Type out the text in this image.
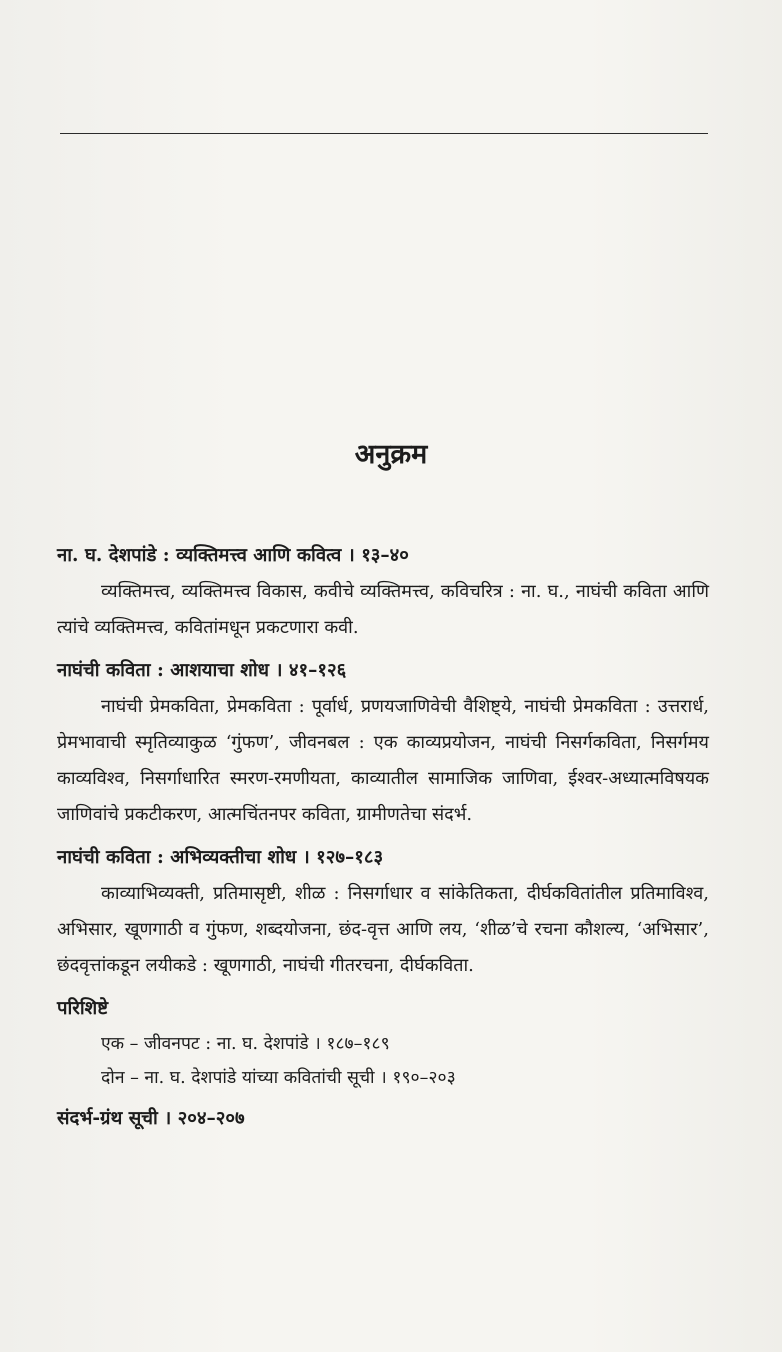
अनुक्रम
ना. घ. देशपांडे : व्यक्तिमत्त्व आणि कवित्व । १३–४०
व्यक्तिमत्त्व, व्यक्तिमत्त्व विकास, कवीचे व्यक्तिमत्त्व, कविचरित्र : ना. घ., नाघंची कविता आणि त्यांचे व्यक्तिमत्त्व, कवितांमधून प्रकटणारा कवी.
नाघंची कविता : आशयाचा शोध । ४१–१२६
नाघंची प्रेमकविता, प्रेमकविता : पूर्वार्ध, प्रणयजाणिवेची वैशिष्ट्ये, नाघंची प्रेमकविता : उत्तरार्ध, प्रेमभावाची स्मृतिव्याकुळ ‘गुंफण’, जीवनबल : एक काव्यप्रयोजन, नाघंची निसर्गकविता, निसर्गमय काव्यविश्व, निसर्गाधारित स्मरण-रमणीयता, काव्यातील सामाजिक जाणिवा, ईश्वर-अध्यात्मविषयक जाणिवांचे प्रकटीकरण, आत्मचिंतनपर कविता, ग्रामीणतेचा संदर्भ.
नाघंची कविता : अभिव्यक्तीचा शोध । १२७–१८३
काव्याभिव्यक्ती, प्रतिमासृष्टी, शीळ : निसर्गाधार व सांकेतिकता, दीर्घकवितांतील प्रतिमाविश्व, अभिसार, खूणगाठी व गुंफण, शब्दयोजना, छंद-वृत्त आणि लय, ‘शीळ’चे रचना कौशल्य, ‘अभिसार’, छंदवृत्तांकडून लयीकडे : खूणगाठी, नाघंची गीतरचना, दीर्घकविता.
परिशिष्टे
एक – जीवनपट : ना. घ. देशपांडे । १८७–१८९
दोन – ना. घ. देशपांडे यांच्या कवितांची सूची । १९०–२०३
संदर्भ-ग्रंथ सूची । २०४–२०७
